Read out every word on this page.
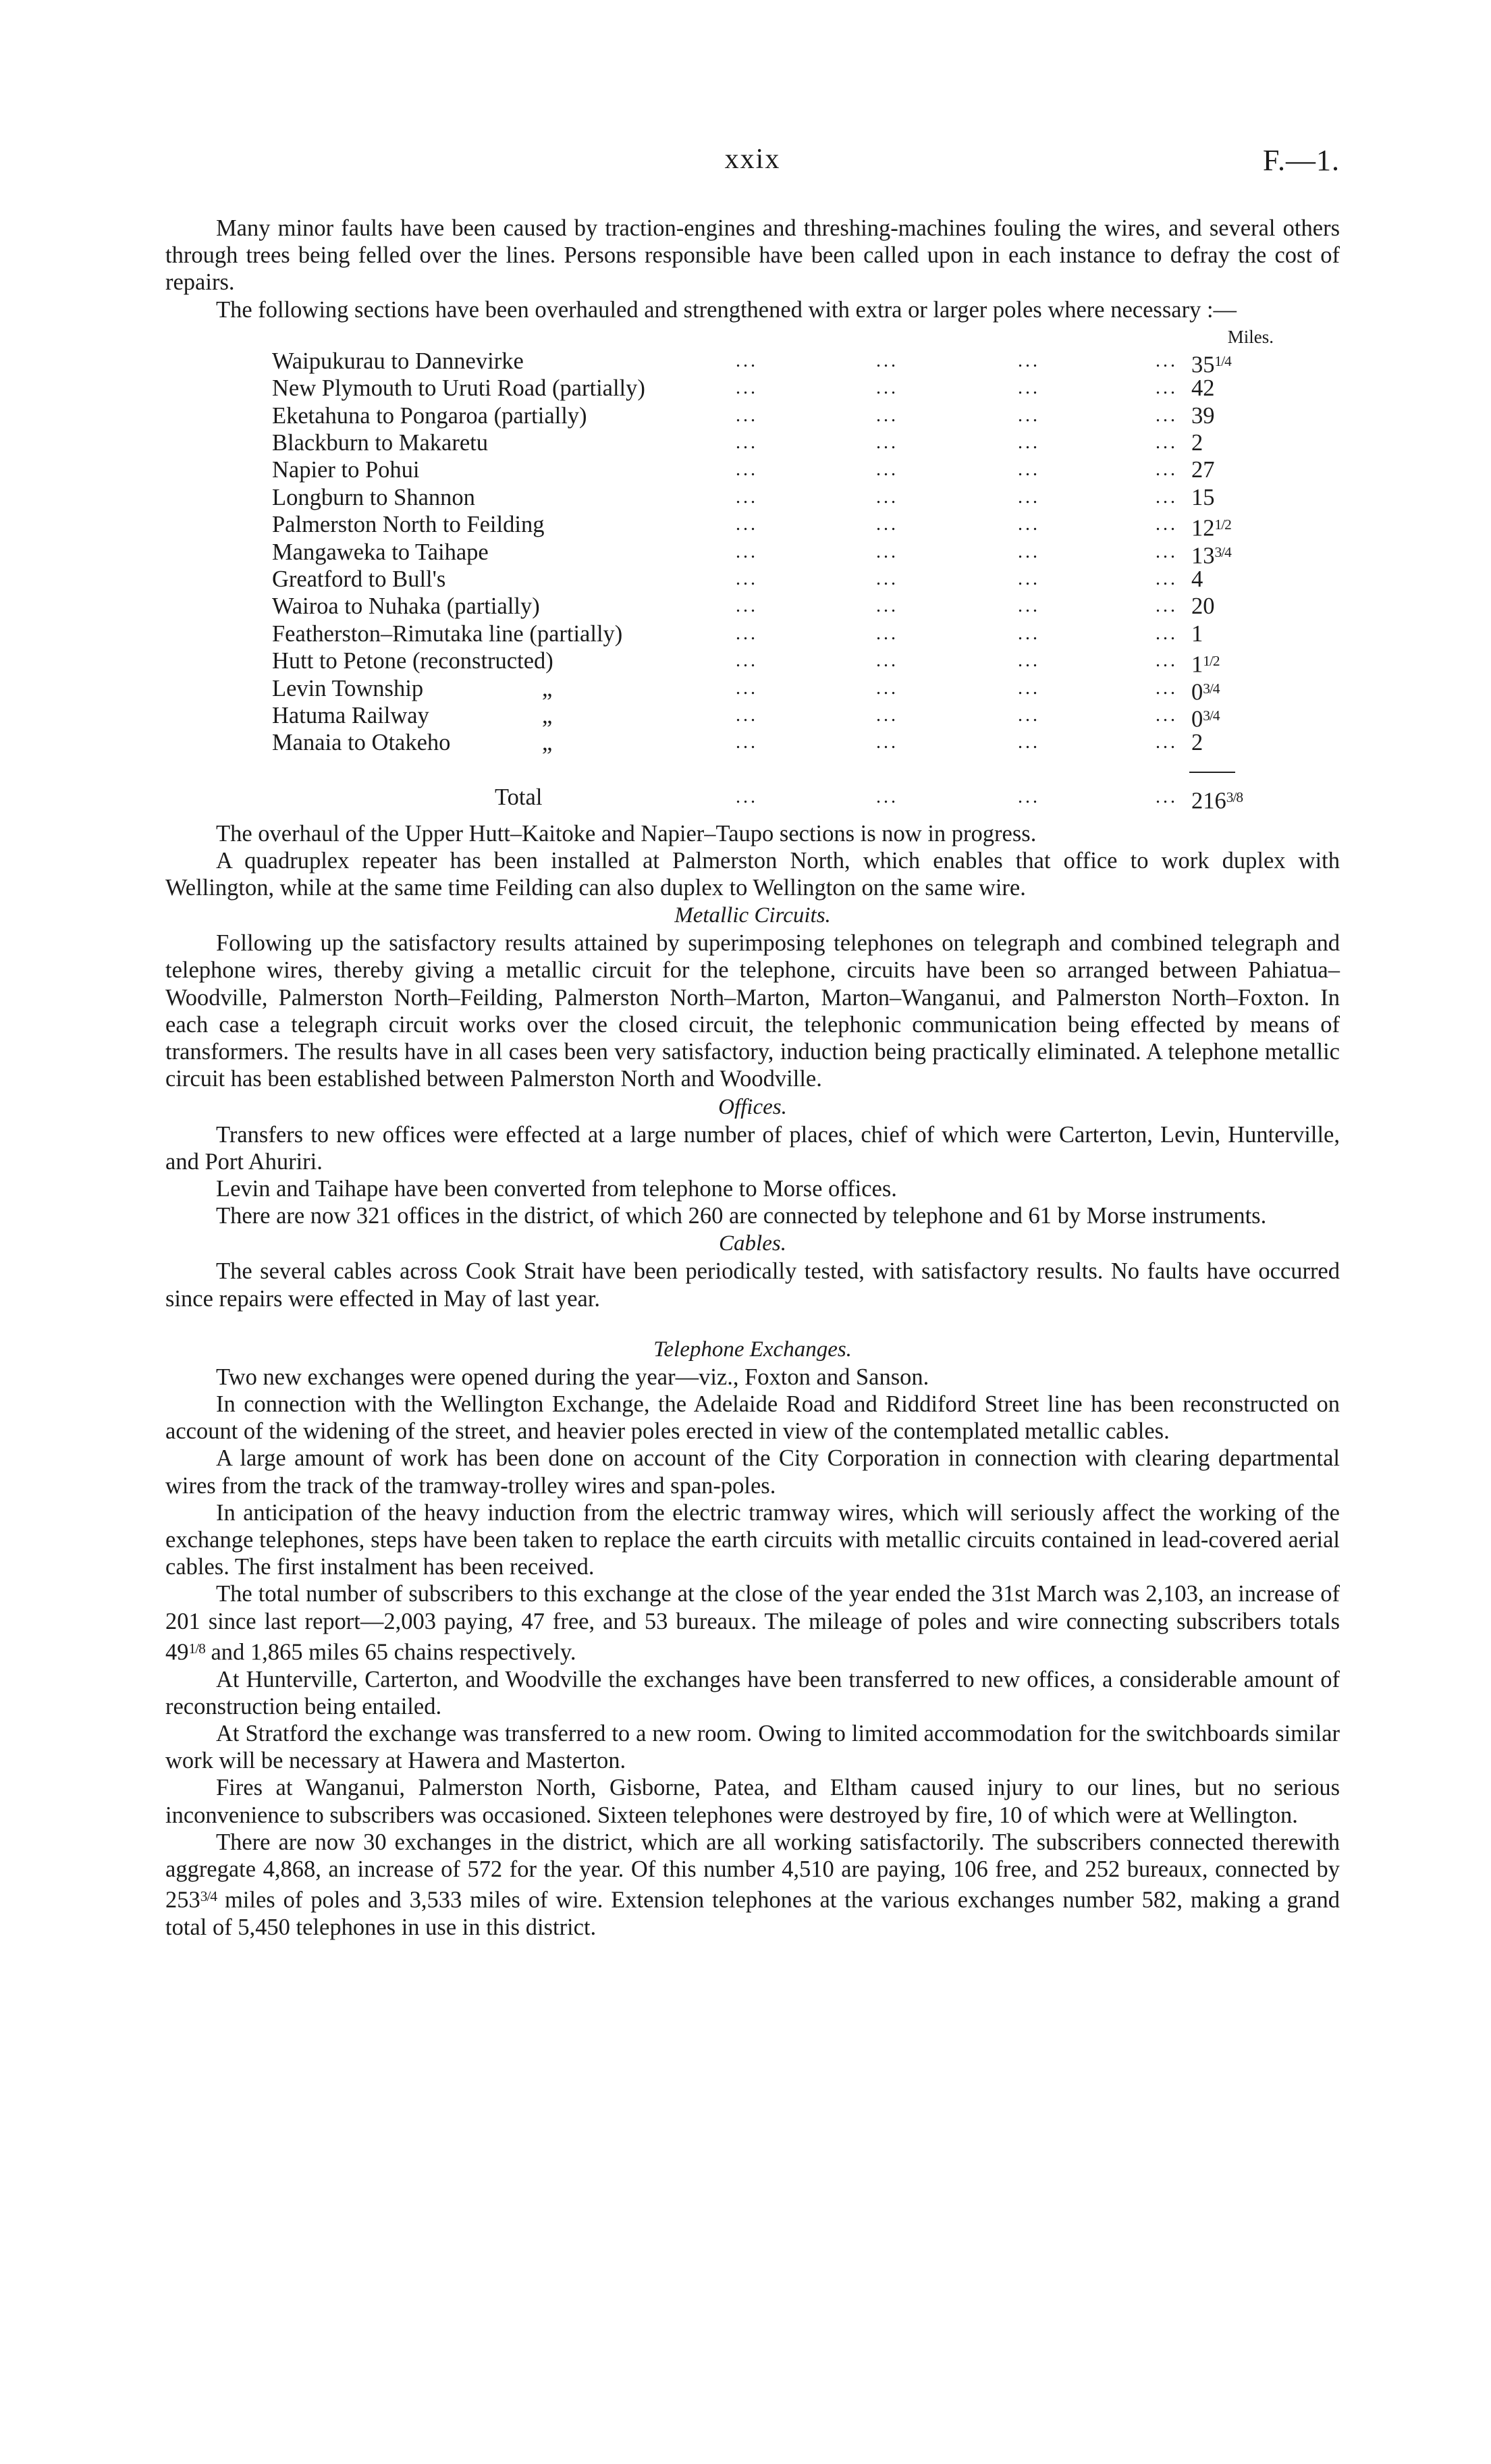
xxix	F.—1.

Many minor faults have been caused by traction-engines and threshing-machines fouling the wires, and several others through trees being felled over the lines. Persons responsible have been called upon in each instance to defray the cost of repairs.

The following sections have been overhauled and strengthened with extra or larger poles where necessary :—

Miles.
Waipukurau to Dannevirke	...	...	...	... $35^{1/4}$
New Plymouth to Uruti Road (partially)	...	...	...	... 42
Eketahuna to Pongaroa (partially)	...	...	...	... 39
Blackburn to Makaretu	...	...	...	... 2
Napier to Pohui	...	...	...	... 27
Longburn to Shannon	...	...	...	... 15
Palmerston North to Feilding	...	...	...	... $12^{1/2}$
Mangaweka to Taihape	...	...	...	... $13^{3/4}$
Greatford to Bull's	...	...	...	... 4
Wairoa to Nuhaka (partially)	...	...	...	... 20
Featherston–Rimutaka line (partially)	...	...	...	... 1
Hutt to Petone (reconstructed)	...	...	...	... $1^{1/2}$
Levin Township	„	...	...	...	... $0^{3/4}$
Hatuma Railway	„	...	...	...	... $0^{3/4}$
Manaia to Otakeho	„	...	...	...	... 2
Total	...	...	...	... $216^{3/8}$

The overhaul of the Upper Hutt–Kaitoke and Napier–Taupo sections is now in progress.

A quadruplex repeater has been installed at Palmerston North, which enables that office to work duplex with Wellington, while at the same time Feilding can also duplex to Wellington on the same wire.

Metallic Circuits.

Following up the satisfactory results attained by superimposing telephones on telegraph and combined telegraph and telephone wires, thereby giving a metallic circuit for the telephone, circuits have been so arranged between Pahiatua–Woodville, Palmerston North–Feilding, Palmerston North–Marton, Marton–Wanganui, and Palmerston North–Foxton. In each case a telegraph circuit works over the closed circuit, the telephonic communication being effected by means of transformers. The results have in all cases been very satisfactory, induction being practically eliminated. A telephone metallic circuit has been established between Palmerston North and Woodville.

Offices.

Transfers to new offices were effected at a large number of places, chief of which were Carterton, Levin, Hunterville, and Port Ahuriri.

Levin and Taihape have been converted from telephone to Morse offices.

There are now 321 offices in the district, of which 260 are connected by telephone and 61 by Morse instruments.

Cables.

The several cables across Cook Strait have been periodically tested, with satisfactory results. No faults have occurred since repairs were effected in May of last year.

Telephone Exchanges.

Two new exchanges were opened during the year—viz., Foxton and Sanson.

In connection with the Wellington Exchange, the Adelaide Road and Riddiford Street line has been reconstructed on account of the widening of the street, and heavier poles erected in view of the contemplated metallic cables.

A large amount of work has been done on account of the City Corporation in connection with clearing departmental wires from the track of the tramway-trolley wires and span-poles.

In anticipation of the heavy induction from the electric tramway wires, which will seriously affect the working of the exchange telephones, steps have been taken to replace the earth circuits with metallic circuits contained in lead-covered aerial cables. The first instalment has been received.

The total number of subscribers to this exchange at the close of the year ended the 31st March was 2,103, an increase of 201 since last report—2,003 paying, 47 free, and 53 bureaux. The mileage of poles and wire connecting subscribers totals $49^{1/8}$ and 1,865 miles 65 chains respectively.

At Hunterville, Carterton, and Woodville the exchanges have been transferred to new offices, a considerable amount of reconstruction being entailed.

At Stratford the exchange was transferred to a new room. Owing to limited accommodation for the switchboards similar work will be necessary at Hawera and Masterton.

Fires at Wanganui, Palmerston North, Gisborne, Patea, and Eltham caused injury to our lines, but no serious inconvenience to subscribers was occasioned. Sixteen telephones were destroyed by fire, 10 of which were at Wellington.

There are now 30 exchanges in the district, which are all working satisfactorily. The subscribers connected therewith aggregate 4,868, an increase of 572 for the year. Of this number 4,510 are paying, 106 free, and 252 bureaux, connected by $253^{3/4}$ miles of poles and 3,533 miles of wire. Extension telephones at the various exchanges number 582, making a grand total of 5,450 telephones in use in this district.
